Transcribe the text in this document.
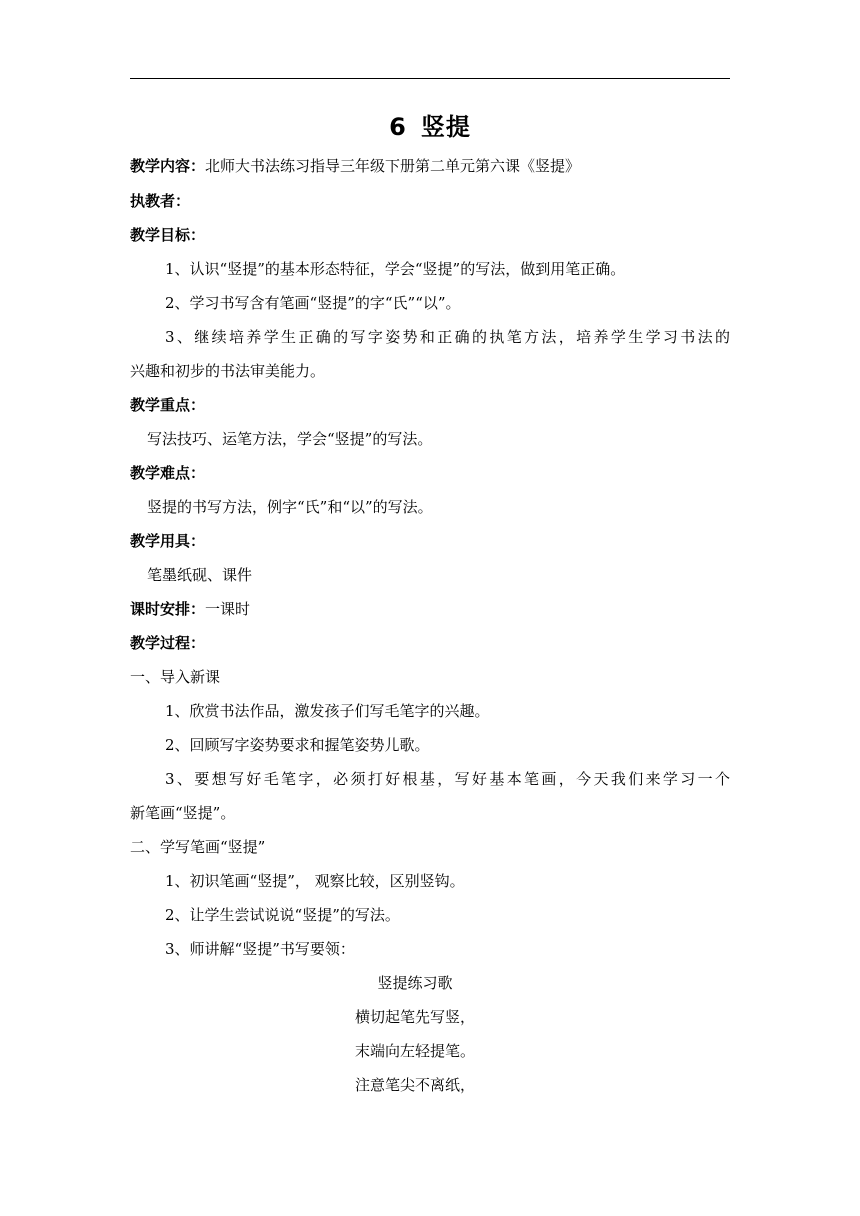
6 竖提
教学内容：北师大书法练习指导三年级下册第二单元第六课《竖提》
执教者：
教学目标：
1、认识“竖提”的基本形态特征，学会“竖提”的写法，做到用笔正确。
2、学习书写含有笔画“竖提”的字“氏”“以”。
3、继续培养学生正确的写字姿势和正确的执笔方法，培养学生学习书法的
兴趣和初步的书法审美能力。
教学重点：
写法技巧、运笔方法，学会“竖提”的写法。
教学难点：
竖提的书写方法，例字“氏”和“以”的写法。
教学用具：
笔墨纸砚、课件
课时安排：一课时
教学过程：
一、导入新课
1、欣赏书法作品，激发孩子们写毛笔字的兴趣。
2、回顾写字姿势要求和握笔姿势儿歌。
3、要想写好毛笔字，必须打好根基，写好基本笔画，今天我们来学习一个
新笔画“竖提”。
二、学写笔画“竖提”
1、初识笔画“竖提”， 观察比较，区别竖钩。
2、让学生尝试说说“竖提”的写法。
3、师讲解“竖提”书写要领：
竖提练习歌
横切起笔先写竖，
末端向左轻提笔。
注意笔尖不离纸，
